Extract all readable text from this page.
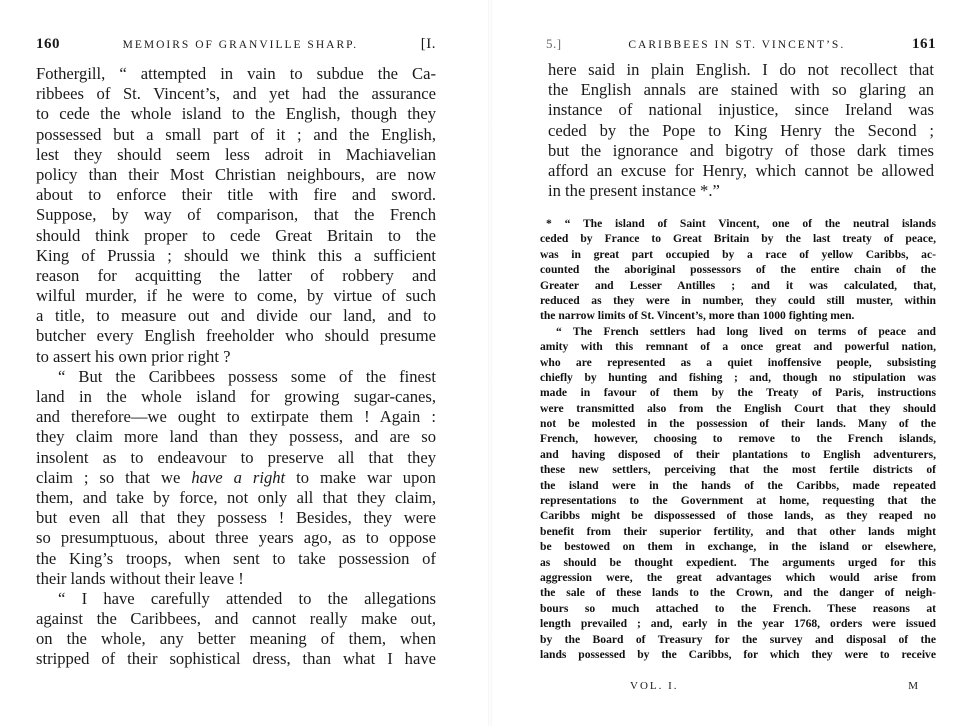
160	MEMOIRS OF GRANVILLE SHARP.	[I.
Fothergill, “ attempted in vain to subdue the Ca-
ribbees of St. Vincent’s, and yet had the assurance
to cede the whole island to the English, though they
possessed but a small part of it ; and the English,
lest they should seem less adroit in Machiavelian
policy than their Most Christian neighbours, are now
about to enforce their title with fire and sword.
Suppose, by way of comparison, that the French
should think proper to cede Great Britain to the
King of Prussia ; should we think this a sufficient
reason for acquitting the latter of robbery and
wilful murder, if he were to come, by virtue of such
a title, to measure out and divide our land, and to
butcher every English freeholder who should presume
to assert his own prior right ?
“ But the Caribbees possess some of the finest
land in the whole island for growing sugar-canes,
and therefore—we ought to extirpate them ! Again :
they claim more land than they possess, and are so
insolent as to endeavour to preserve all that they
claim ; so that we have a right to make war upon
them, and take by force, not only all that they claim,
but even all that they possess ! Besides, they were
so presumptuous, about three years ago, as to oppose
the King’s troops, when sent to take possession of
their lands without their leave !
“ I have carefully attended to the allegations
against the Caribbees, and cannot really make out,
on the whole, any better meaning of them, when
stripped of their sophistical dress, than what I have
5.]	CARIBBEES IN ST. VINCENT’S.	161
here said in plain English. I do not recollect that
the English annals are stained with so glaring an
instance of national injustice, since Ireland was
ceded by the Pope to King Henry the Second ;
but the ignorance and bigotry of those dark times
afford an excuse for Henry, which cannot be allowed
in the present instance *.”
* “ The island of Saint Vincent, one of the neutral islands
ceded by France to Great Britain by the last treaty of peace,
was in great part occupied by a race of yellow Caribbs, ac-
counted the aboriginal possessors of the entire chain of the
Greater and Lesser Antilles ; and it was calculated, that,
reduced as they were in number, they could still muster, within
the narrow limits of St. Vincent’s, more than 1000 fighting men.
“ The French settlers had long lived on terms of peace and
amity with this remnant of a once great and powerful nation,
who are represented as a quiet inoffensive people, subsisting
chiefly by hunting and fishing ; and, though no stipulation was
made in favour of them by the Treaty of Paris, instructions
were transmitted also from the English Court that they should
not be molested in the possession of their lands. Many of the
French, however, choosing to remove to the French islands,
and having disposed of their plantations to English adventurers,
these new settlers, perceiving that the most fertile districts of
the island were in the hands of the Caribbs, made repeated
representations to the Government at home, requesting that the
Caribbs might be dispossessed of those lands, as they reaped no
benefit from their superior fertility, and that other lands might
be bestowed on them in exchange, in the island or elsewhere,
as should be thought expedient. The arguments urged for this
aggression were, the great advantages which would arise from
the sale of these lands to the Crown, and the danger of neigh-
bours so much attached to the French. These reasons at
length prevailed ; and, early in the year 1768, orders were issued
by the Board of Treasury for the survey and disposal of the
lands possessed by the Caribbs, for which they were to receive
VOL. I.	M
